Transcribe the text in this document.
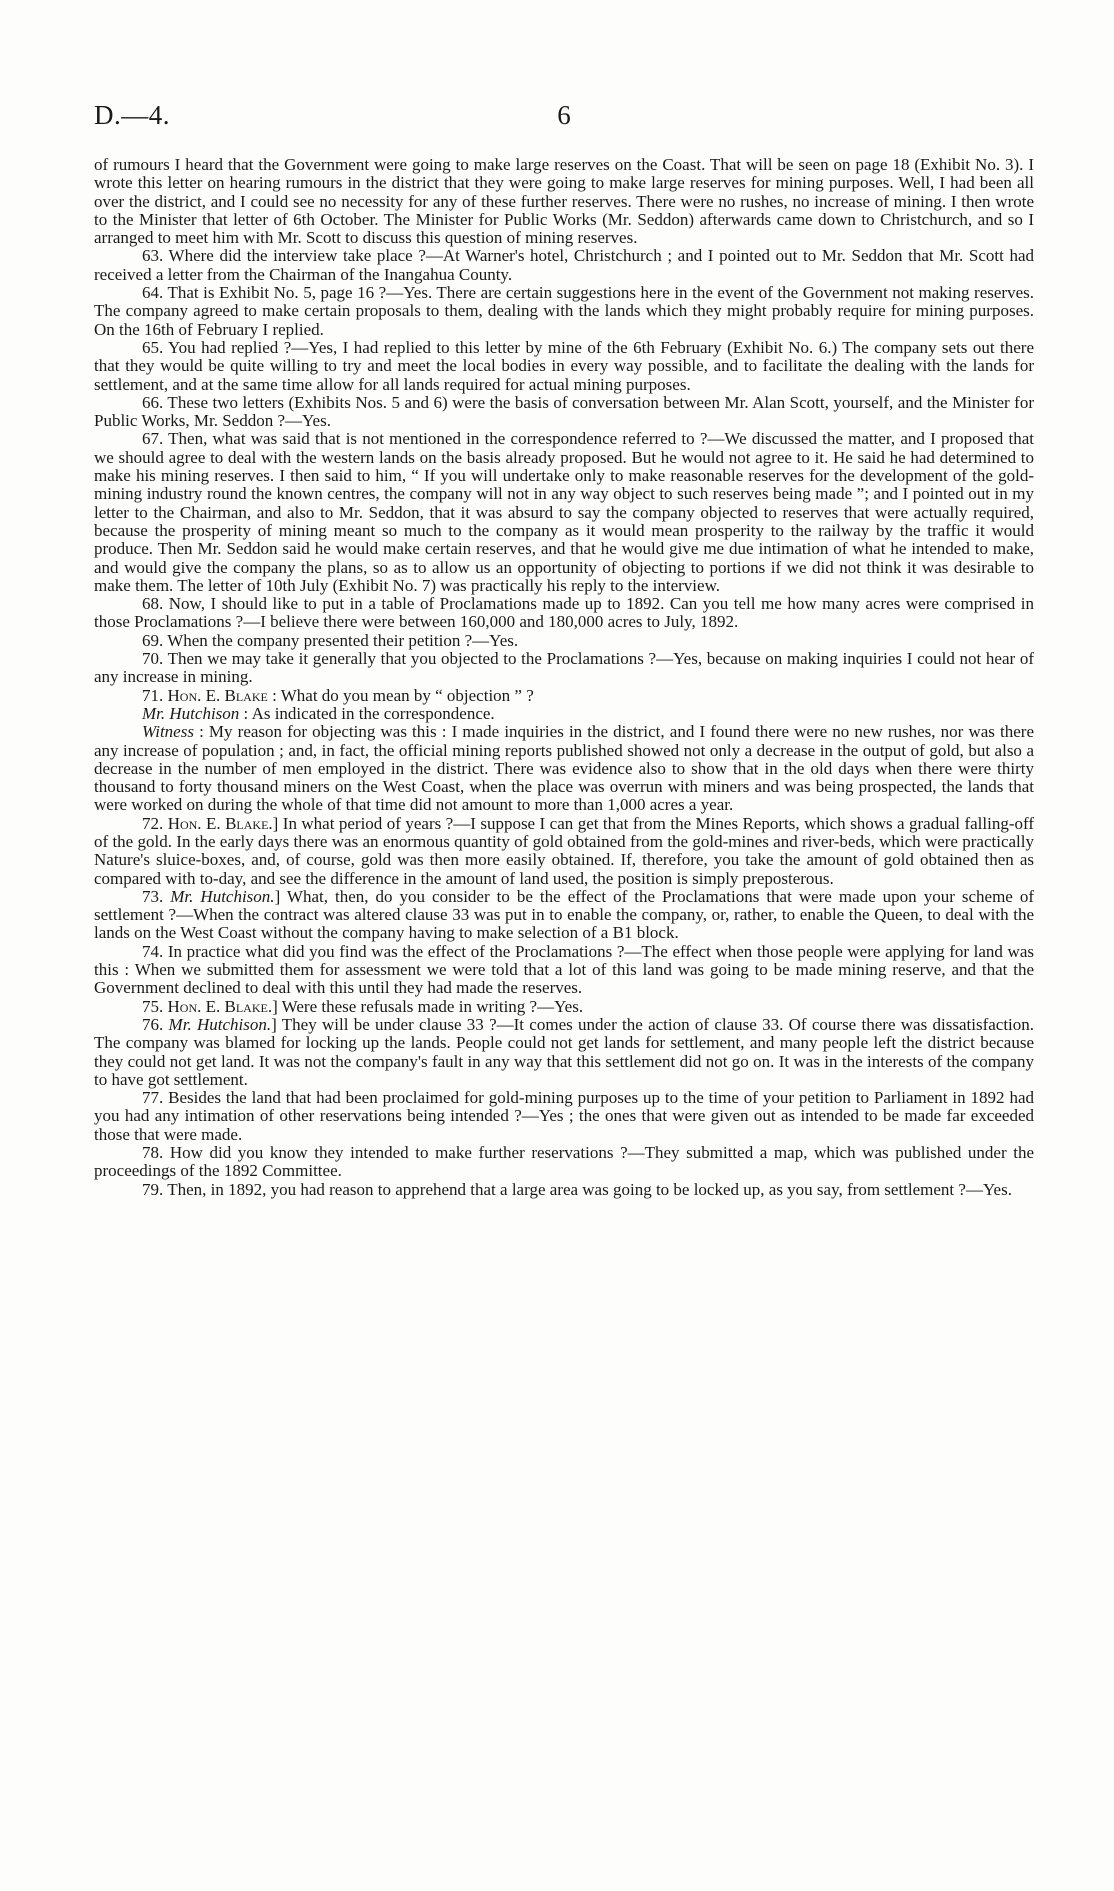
D.—4.	6

of rumours I heard that the Government were going to make large reserves on the Coast. That will be seen on page 18 (Exhibit No. 3). I wrote this letter on hearing rumours in the district that they were going to make large reserves for mining purposes. Well, I had been all over the district, and I could see no necessity for any of these further reserves. There were no rushes, no increase of mining. I then wrote to the Minister that letter of 6th October. The Minister for Public Works (Mr. Seddon) afterwards came down to Christchurch, and so I arranged to meet him with Mr. Scott to discuss this question of mining reserves.

63. Where did the interview take place ?—At Warner's hotel, Christchurch ; and I pointed out to Mr. Seddon that Mr. Scott had received a letter from the Chairman of the Inangahua County.

64. That is Exhibit No. 5, page 16 ?—Yes. There are certain suggestions here in the event of the Government not making reserves. The company agreed to make certain proposals to them, dealing with the lands which they might probably require for mining purposes. On the 16th of February I replied.

65. You had replied ?—Yes, I had replied to this letter by mine of the 6th February (Exhibit No. 6.) The company sets out there that they would be quite willing to try and meet the local bodies in every way possible, and to facilitate the dealing with the lands for settlement, and at the same time allow for all lands required for actual mining purposes.

66. These two letters (Exhibits Nos. 5 and 6) were the basis of conversation between Mr. Alan Scott, yourself, and the Minister for Public Works, Mr. Seddon ?—Yes.

67. Then, what was said that is not mentioned in the correspondence referred to ?—We discussed the matter, and I proposed that we should agree to deal with the western lands on the basis already proposed. But he would not agree to it. He said he had determined to make his mining reserves. I then said to him, “ If you will undertake only to make reasonable reserves for the development of the gold-mining industry round the known centres, the company will not in any way object to such reserves being made ”; and I pointed out in my letter to the Chairman, and also to Mr. Seddon, that it was absurd to say the company objected to reserves that were actually required, because the prosperity of mining meant so much to the company as it would mean prosperity to the railway by the traffic it would produce. Then Mr. Seddon said he would make certain reserves, and that he would give me due intimation of what he intended to make, and would give the company the plans, so as to allow us an opportunity of objecting to portions if we did not think it was desirable to make them. The letter of 10th July (Exhibit No. 7) was practically his reply to the interview.

68. Now, I should like to put in a table of Proclamations made up to 1892. Can you tell me how many acres were comprised in those Proclamations ?—I believe there were between 160,000 and 180,000 acres to July, 1892.

69. When the company presented their petition ?—Yes.

70. Then we may take it generally that you objected to the Proclamations ?—Yes, because on making inquiries I could not hear of any increase in mining.

71. Hon. E. Blake : What do you mean by “ objection ” ?

Mr. Hutchison : As indicated in the correspondence.

Witness : My reason for objecting was this : I made inquiries in the district, and I found there were no new rushes, nor was there any increase of population ; and, in fact, the official mining reports published showed not only a decrease in the output of gold, but also a decrease in the number of men employed in the district. There was evidence also to show that in the old days when there were thirty thousand to forty thousand miners on the West Coast, when the place was overrun with miners and was being prospected, the lands that were worked on during the whole of that time did not amount to more than 1,000 acres a year.

72. Hon. E. Blake.] In what period of years ?—I suppose I can get that from the Mines Reports, which shows a gradual falling-off of the gold. In the early days there was an enormous quantity of gold obtained from the gold-mines and river-beds, which were practically Nature's sluice-boxes, and, of course, gold was then more easily obtained. If, therefore, you take the amount of gold obtained then as compared with to-day, and see the difference in the amount of land used, the position is simply preposterous.

73. Mr. Hutchison.] What, then, do you consider to be the effect of the Proclamations that were made upon your scheme of settlement ?—When the contract was altered clause 33 was put in to enable the company, or, rather, to enable the Queen, to deal with the lands on the West Coast without the company having to make selection of a B1 block.

74. In practice what did you find was the effect of the Proclamations ?—The effect when those people were applying for land was this : When we submitted them for assessment we were told that a lot of this land was going to be made mining reserve, and that the Government declined to deal with this until they had made the reserves.

75. Hon. E. Blake.] Were these refusals made in writing ?—Yes.

76. Mr. Hutchison.] They will be under clause 33 ?—It comes under the action of clause 33. Of course there was dissatisfaction. The company was blamed for locking up the lands. People could not get lands for settlement, and many people left the district because they could not get land. It was not the company's fault in any way that this settlement did not go on. It was in the interests of the company to have got settlement.

77. Besides the land that had been proclaimed for gold-mining purposes up to the time of your petition to Parliament in 1892 had you had any intimation of other reservations being intended ?—Yes ; the ones that were given out as intended to be made far exceeded those that were made.

78. How did you know they intended to make further reservations ?—They submitted a map, which was published under the proceedings of the 1892 Committee.

79. Then, in 1892, you had reason to apprehend that a large area was going to be locked up, as you say, from settlement ?—Yes.
